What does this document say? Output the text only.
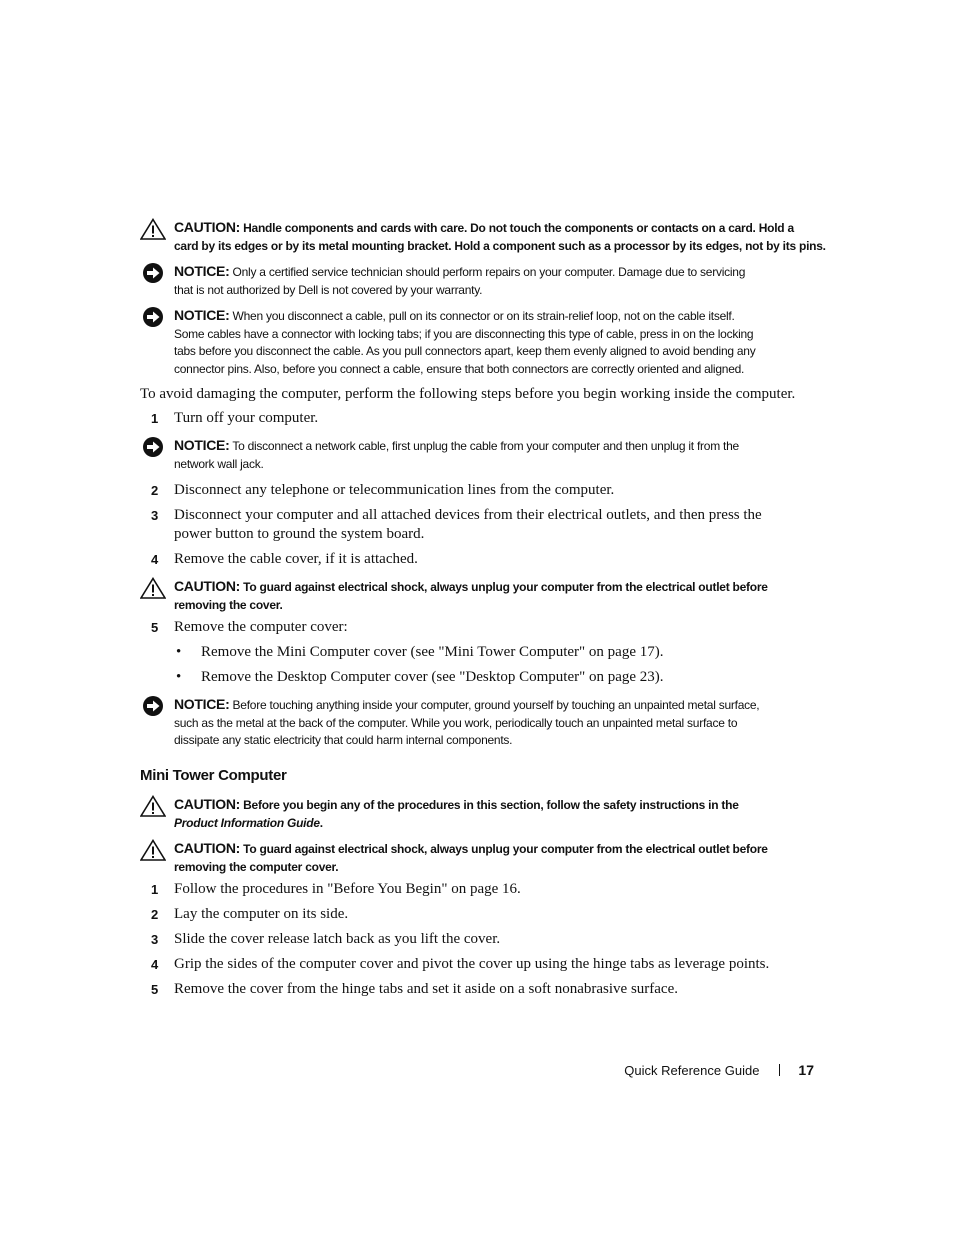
CAUTION: Handle components and cards with care. Do not touch the components or contacts on a card. Hold a
card by its edges or by its metal mounting bracket. Hold a component such as a processor by its edges, not by its pins.
NOTICE: Only a certified service technician should perform repairs on your computer. Damage due to servicing
that is not authorized by Dell is not covered by your warranty.
NOTICE: When you disconnect a cable, pull on its connector or on its strain-relief loop, not on the cable itself.
Some cables have a connector with locking tabs; if you are disconnecting this type of cable, press in on the locking
tabs before you disconnect the cable. As you pull connectors apart, keep them evenly aligned to avoid bending any
connector pins. Also, before you connect a cable, ensure that both connectors are correctly oriented and aligned.
To avoid damaging the computer, perform the following steps before you begin working inside the computer.
1	Turn off your computer.
NOTICE: To disconnect a network cable, first unplug the cable from your computer and then unplug it from the
network wall jack.
2	Disconnect any telephone or telecommunication lines from the computer.
3	Disconnect your computer and all attached devices from their electrical outlets, and then press the
power button to ground the system board.
4	Remove the cable cover, if it is attached.
CAUTION: To guard against electrical shock, always unplug your computer from the electrical outlet before
removing the cover.
5	Remove the computer cover:
•	Remove the Mini Computer cover (see "Mini Tower Computer" on page 17).
•	Remove the Desktop Computer cover (see "Desktop Computer" on page 23).
NOTICE: Before touching anything inside your computer, ground yourself by touching an unpainted metal surface,
such as the metal at the back of the computer. While you work, periodically touch an unpainted metal surface to
dissipate any static electricity that could harm internal components.
Mini Tower Computer
CAUTION: Before you begin any of the procedures in this section, follow the safety instructions in the
Product Information Guide.
CAUTION: To guard against electrical shock, always unplug your computer from the electrical outlet before
removing the computer cover.
1	Follow the procedures in "Before You Begin" on page 16.
2	Lay the computer on its side.
3	Slide the cover release latch back as you lift the cover.
4	Grip the sides of the computer cover and pivot the cover up using the hinge tabs as leverage points.
5	Remove the cover from the hinge tabs and set it aside on a soft nonabrasive surface.
Quick Reference Guide	17
